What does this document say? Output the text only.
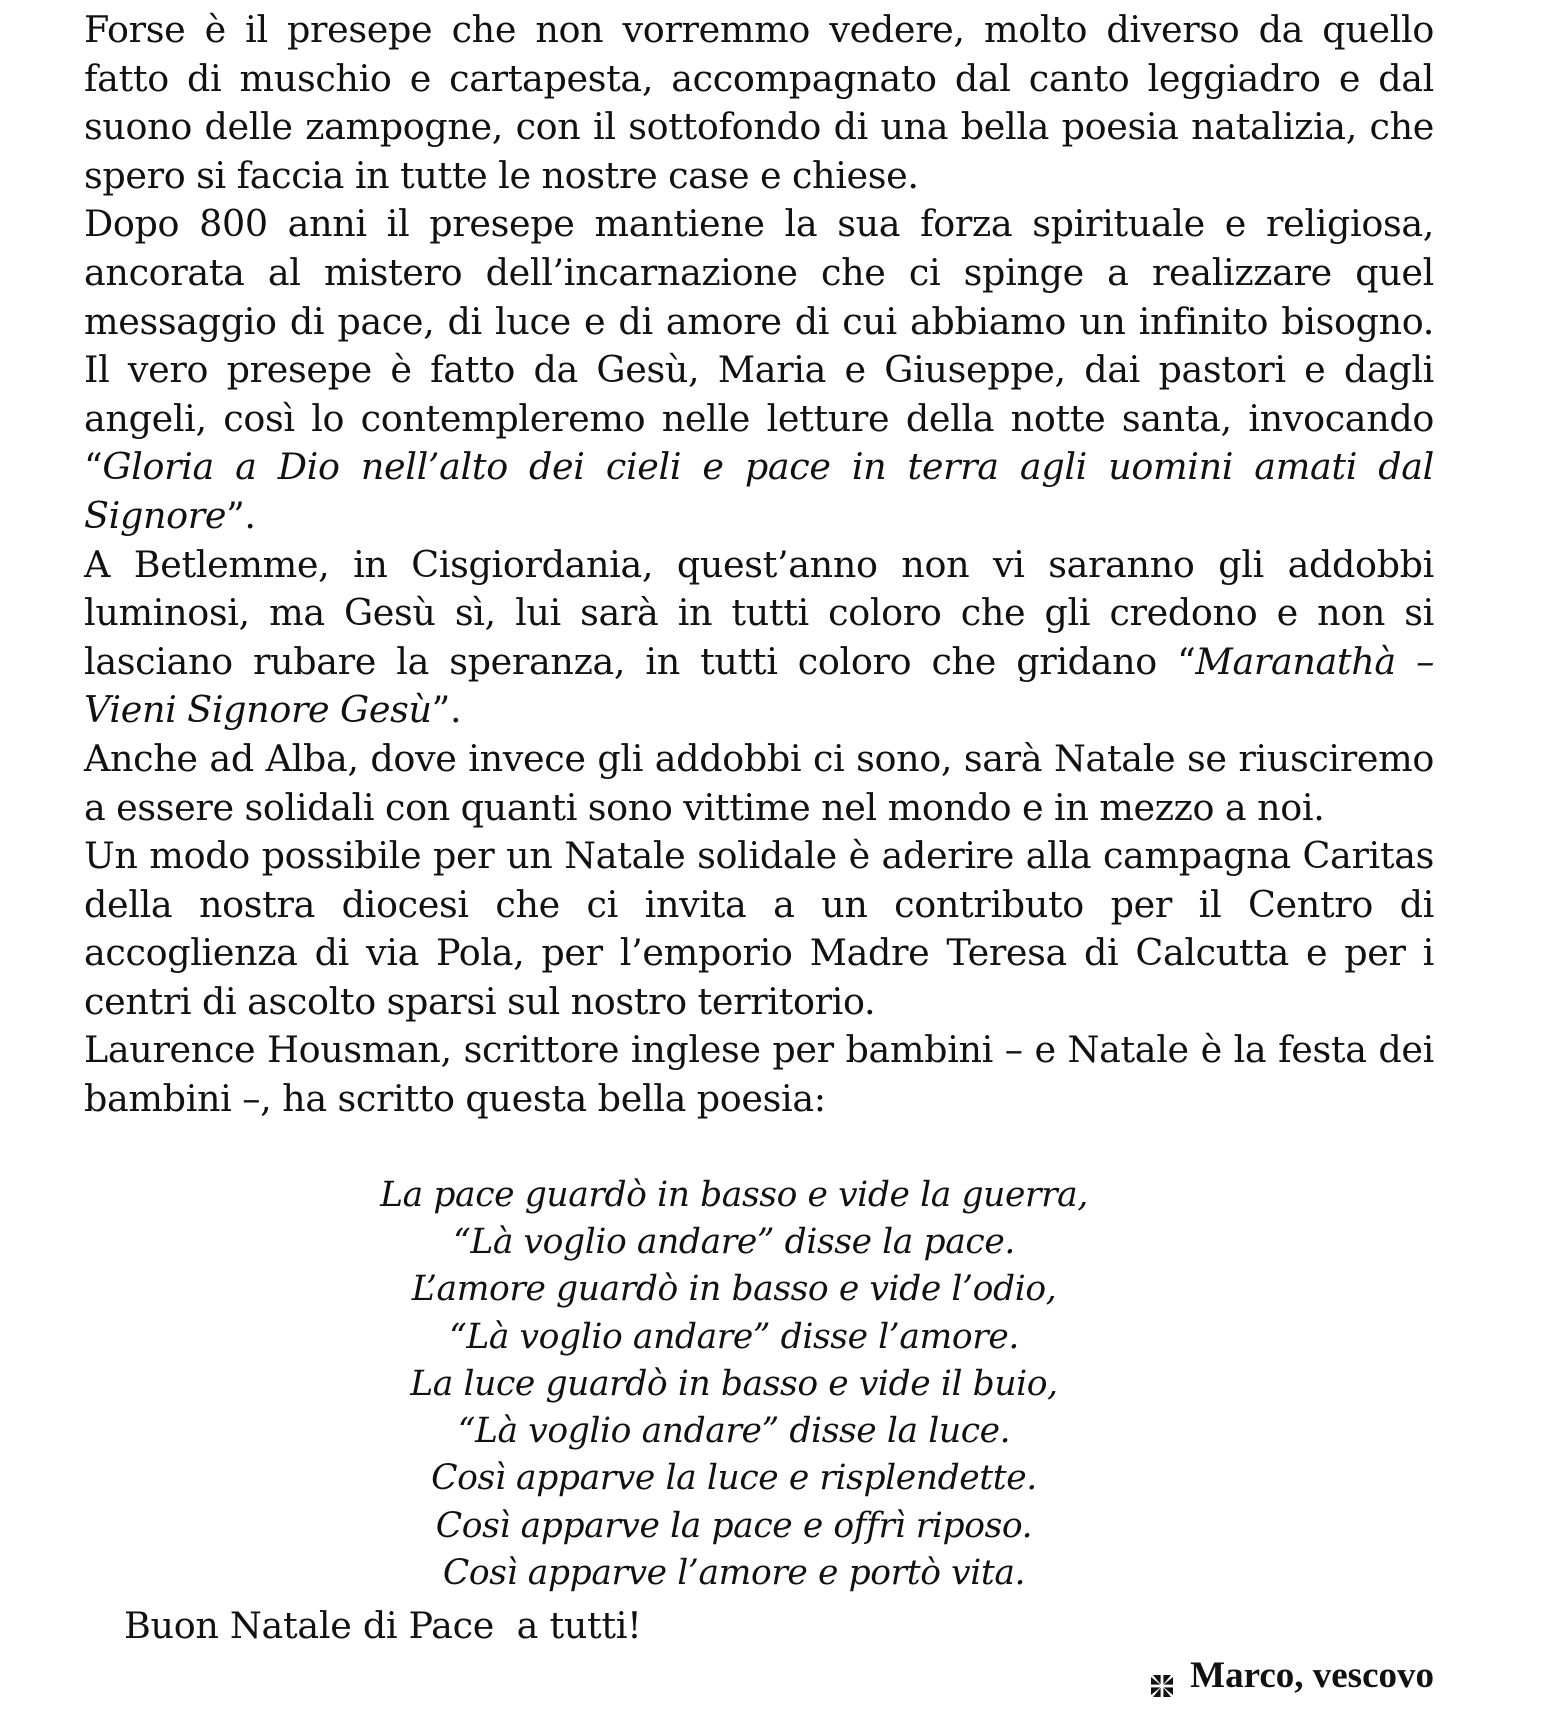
Forse è il presepe che non vorremmo vedere, molto diverso da quello fatto di muschio e cartapesta, accompagnato dal canto leggiadro e dal suono delle zampogne, con il sottofondo di una bella poesia natalizia, che spero si faccia in tutte le nostre case e chiese.

Dopo 800 anni il presepe mantiene la sua forza spirituale e religiosa, ancorata al mistero dell’incarnazione che ci spinge a realizzare quel messaggio di pace, di luce e di amore di cui abbiamo un infinito bisogno. Il vero presepe è fatto da Gesù, Maria e Giuseppe, dai pastori e dagli angeli, così lo contempleremo nelle letture della notte santa, invocando “Gloria a Dio nell’alto dei cieli e pace in terra agli uomini amati dal Signore”.

A Betlemme, in Cisgiordania, quest’anno non vi saranno gli addobbi luminosi, ma Gesù sì, lui sarà in tutti coloro che gli credono e non si lasciano rubare la speranza, in tutti coloro che gridano “Maranathà – Vieni Signore Gesù”.

Anche ad Alba, dove invece gli addobbi ci sono, sarà Natale se riusciremo a essere solidali con quanti sono vittime nel mondo e in mezzo a noi.

Un modo possibile per un Natale solidale è aderire alla campagna Caritas della nostra diocesi che ci invita a un contributo per il Centro di accoglienza di via Pola, per l’emporio Madre Teresa di Calcutta e per i centri di ascolto sparsi sul nostro territorio.

Laurence Housman, scrittore inglese per bambini – e Natale è la festa dei bambini –, ha scritto questa bella poesia:

La pace guardò in basso e vide la guerra,
“Là voglio andare” disse la pace.
L’amore guardò in basso e vide l’odio,
“Là voglio andare” disse l’amore.
La luce guardò in basso e vide il buio,
“Là voglio andare” disse la luce.
Così apparve la luce e risplendette.
Così apparve la pace e offrì riposo.
Così apparve l’amore e portò vita.
Buon Natale di Pace  a tutti!
Marco, vescovo
